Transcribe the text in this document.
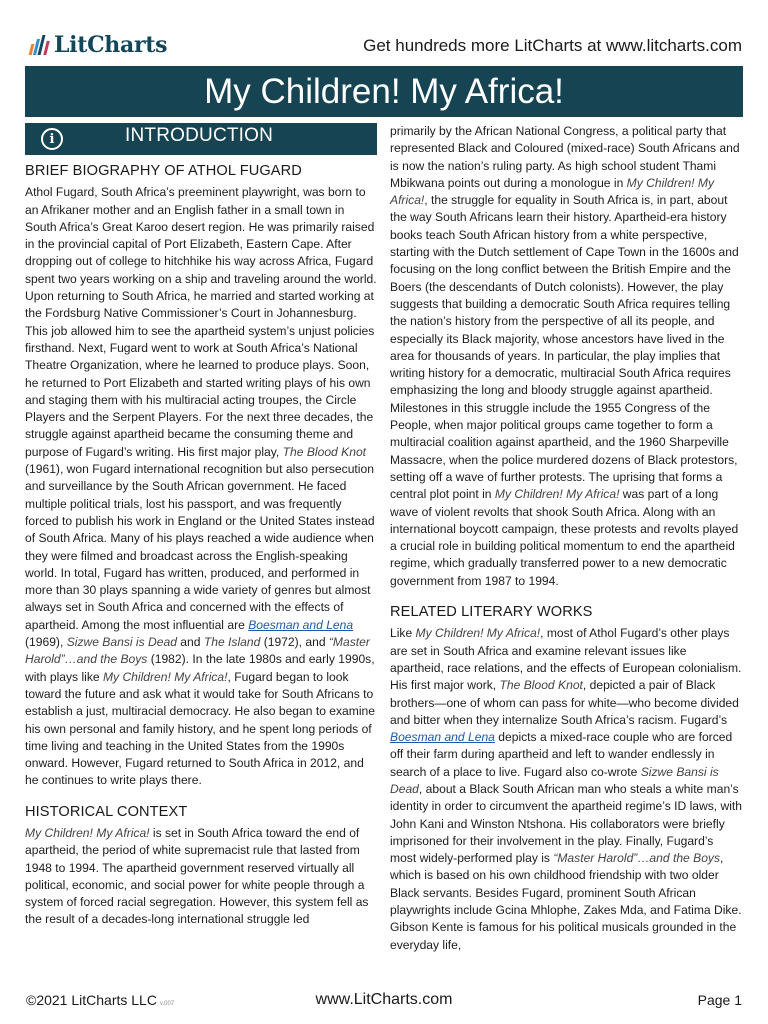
LitCharts	Get hundreds more LitCharts at www.litcharts.com
My Children! My Africa!
i	INTRODUCTION
BRIEF BIOGRAPHY OF ATHOL FUGARD

Athol Fugard, South Africa’s preeminent playwright, was born to an Afrikaner mother and an English father in a small town in South Africa’s Great Karoo desert region. He was primarily raised in the provincial capital of Port Elizabeth, Eastern Cape. After dropping out of college to hitchhike his way across Africa, Fugard spent two years working on a ship and traveling around the world. Upon returning to South Africa, he married and started working at the Fordsburg Native Commissioner’s Court in Johannesburg. This job allowed him to see the apartheid system’s unjust policies firsthand. Next, Fugard went to work at South Africa’s National Theatre Organization, where he learned to produce plays. Soon, he returned to Port Elizabeth and started writing plays of his own and staging them with his multiracial acting troupes, the Circle Players and the Serpent Players. For the next three decades, the struggle against apartheid became the consuming theme and purpose of Fugard’s writing. His first major play, The Blood Knot (1961), won Fugard international recognition but also persecution and surveillance by the South African government. He faced multiple political trials, lost his passport, and was frequently forced to publish his work in England or the United States instead of South Africa. Many of his plays reached a wide audience when they were filmed and broadcast across the English-speaking world. In total, Fugard has written, produced, and performed in more than 30 plays spanning a wide variety of genres but almost always set in South Africa and concerned with the effects of apartheid. Among the most influential are Boesman and Lena (1969), Sizwe Bansi is Dead and The Island (1972), and “Master Harold”…and the Boys (1982). In the late 1980s and early 1990s, with plays like My Children! My Africa!, Fugard began to look toward the future and ask what it would take for South Africans to establish a just, multiracial democracy. He also began to examine his own personal and family history, and he spent long periods of time living and teaching in the United States from the 1990s onward. However, Fugard returned to South Africa in 2012, and he continues to write plays there.

HISTORICAL CONTEXT

My Children! My Africa! is set in South Africa toward the end of apartheid, the period of white supremacist rule that lasted from 1948 to 1994. The apartheid government reserved virtually all political, economic, and social power for white people through a system of forced racial segregation. However, this system fell as the result of a decades-long international struggle led

primarily by the African National Congress, a political party that represented Black and Coloured (mixed-race) South Africans and is now the nation’s ruling party. As high school student Thami Mbikwana points out during a monologue in My Children! My Africa!, the struggle for equality in South Africa is, in part, about the way South Africans learn their history. Apartheid-era history books teach South African history from a white perspective, starting with the Dutch settlement of Cape Town in the 1600s and focusing on the long conflict between the British Empire and the Boers (the descendants of Dutch colonists). However, the play suggests that building a democratic South Africa requires telling the nation’s history from the perspective of all its people, and especially its Black majority, whose ancestors have lived in the area for thousands of years. In particular, the play implies that writing history for a democratic, multiracial South Africa requires emphasizing the long and bloody struggle against apartheid. Milestones in this struggle include the 1955 Congress of the People, when major political groups came together to form a multiracial coalition against apartheid, and the 1960 Sharpeville Massacre, when the police murdered dozens of Black protestors, setting off a wave of further protests. The uprising that forms a central plot point in My Children! My Africa! was part of a long wave of violent revolts that shook South Africa. Along with an international boycott campaign, these protests and revolts played a crucial role in building political momentum to end the apartheid regime, which gradually transferred power to a new democratic government from 1987 to 1994.

RELATED LITERARY WORKS

Like My Children! My Africa!, most of Athol Fugard’s other plays are set in South Africa and examine relevant issues like apartheid, race relations, and the effects of European colonialism. His first major work, The Blood Knot, depicted a pair of Black brothers—one of whom can pass for white—who become divided and bitter when they internalize South Africa’s racism. Fugard’s Boesman and Lena depicts a mixed-race couple who are forced off their farm during apartheid and left to wander endlessly in search of a place to live. Fugard also co-wrote Sizwe Bansi is Dead, about a Black South African man who steals a white man’s identity in order to circumvent the apartheid regime’s ID laws, with John Kani and Winston Ntshona. His collaborators were briefly imprisoned for their involvement in the play. Finally, Fugard’s most widely-performed play is “Master Harold”…and the Boys, which is based on his own childhood friendship with two older Black servants. Besides Fugard, prominent South African playwrights include Gcina Mhlophe, Zakes Mda, and Fatima Dike. Gibson Kente is famous for his political musicals grounded in the everyday life,

©2021 LitCharts LLC v.007	www.LitCharts.com	Page 1
